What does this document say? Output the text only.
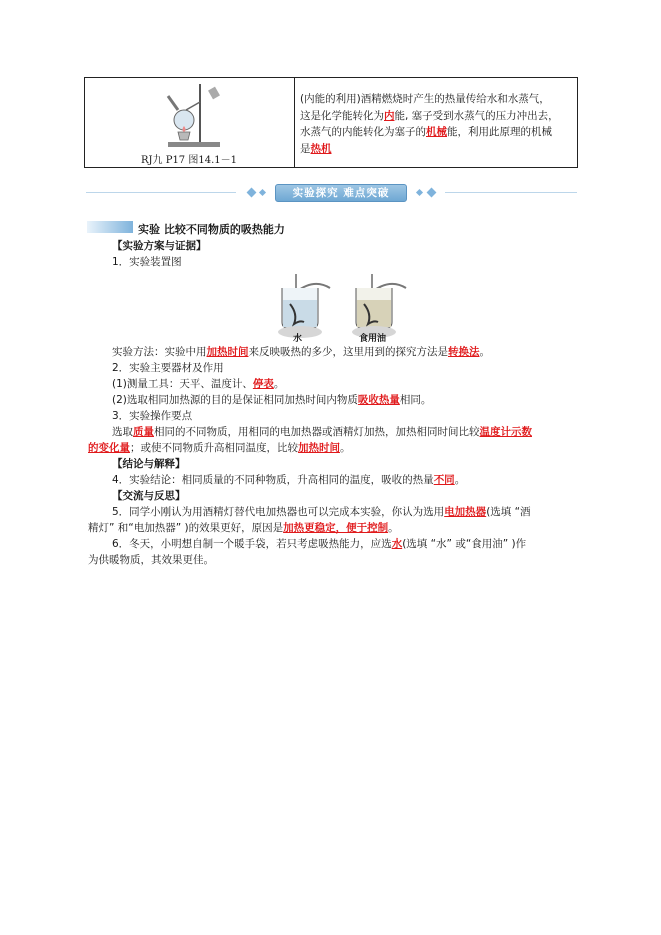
RJ九 P17 图14.1－1
(内能的利用)酒精燃烧时产生的热量传给水和水蒸气，
这是化学能转化为内能, 塞子受到水蒸气的压力冲出去，
水蒸气的内能转化为塞子的机械能，利用此原理的机械
是热机
实验探究 难点突破
实验 比较不同物质的吸热能力
【实验方案与证据】
1．实验装置图
水	食用油
实验方法：实验中用加热时间来反映吸热的多少，这里用到的探究方法是转换法。
2．实验主要器材及作用
(1)测量工具：天平、温度计、停表。
(2)选取相同加热源的目的是保证相同加热时间内物质吸收热量相同。
3．实验操作要点
选取质量相同的不同物质，用相同的电加热器或酒精灯加热，加热相同时间比较温度计示数
的变化量；或使不同物质升高相同温度，比较加热时间。
【结论与解释】
4．实验结论：相同质量的不同种物质，升高相同的温度，吸收的热量不同。
【交流与反思】
5．同学小刚认为用酒精灯替代电加热器也可以完成本实验，你认为选用电加热器(选填 “酒
精灯” 和“电加热器” )的效果更好，原因是加热更稳定，便于控制。
6．冬天，小明想自制一个暖手袋，若只考虑吸热能力，应选水(选填 “水” 或“食用油” )作
为供暖物质，其效果更佳。
